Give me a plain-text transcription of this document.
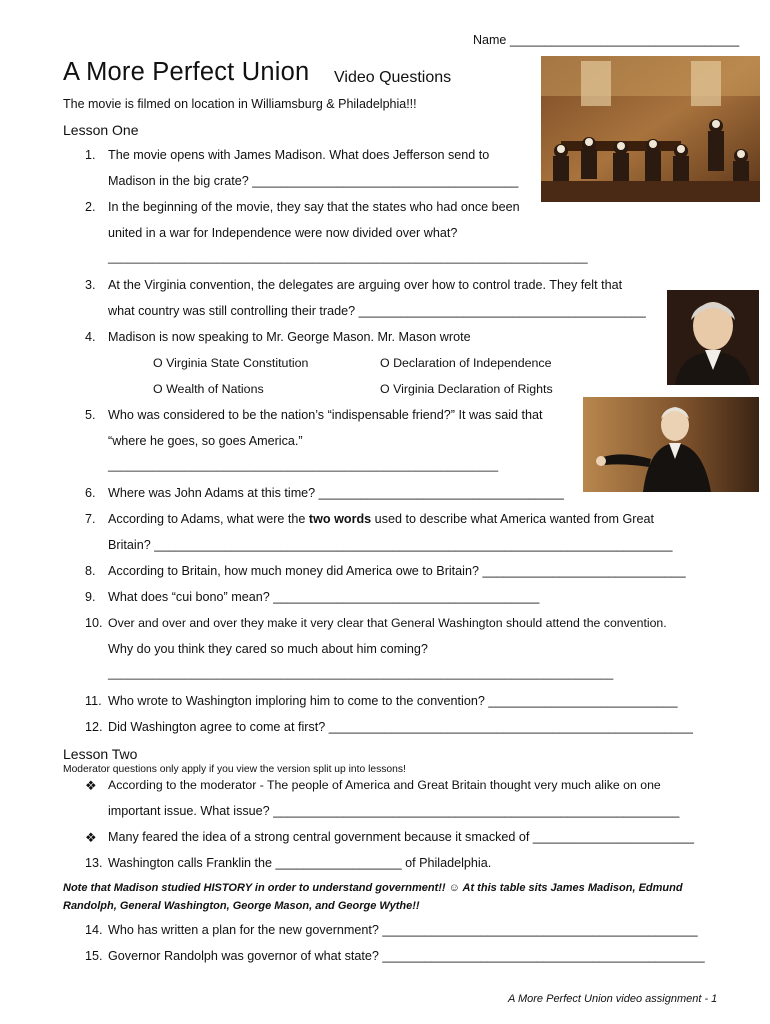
Name _________________________________
A More Perfect Union Video Questions
The movie is filmed on location in Williamsburg & Philadelphia!!!
Lesson One
1. The movie opens with James Madison. What does Jefferson send to
Madison in the big crate? ______________________________________
2. In the beginning of the movie, they say that the states who had once been
united in a war for Independence were now divided over what?
___________________________________________________________________________
3. At the Virginia convention, the delegates are arguing over how to control trade. They felt that
what country was still controlling their trade? _________________________________________
4. Madison is now speaking to Mr. George Mason. Mr. Mason wrote
O Virginia State Constitution	O Declaration of Independence
O Wealth of Nations	O Virginia Declaration of Rights
5. Who was considered to be the nation’s “indispensable friend?” It was said that
“where he goes, so goes America.”
_____________________________________________________________
6. Where was John Adams at this time? ___________________________________
7. According to Adams, what were the two words used to describe what America wanted from Great
Britain? __________________________________________________________________________
8. According to Britain, how much money did America owe to Britain? _____________________________
9. What does “cui bono” mean? ______________________________________
10. Over and over and over they make it very clear that General Washington should attend the convention.
Why do you think they cared so much about him coming?
_______________________________________________________________________________
11. Who wrote to Washington imploring him to come to the convention? ___________________________
12. Did Washington agree to come at first? ____________________________________________________
Lesson Two
Moderator questions only apply if you view the version split up into lessons!
❖ According to the moderator - The people of America and Great Britain thought very much alike on one
important issue. What issue? __________________________________________________________
❖ Many feared the idea of a strong central government because it smacked of _______________________
13. Washington calls Franklin the __________________ of Philadelphia.
Note that Madison studied HISTORY in order to understand government!! ☺ At this table sits James Madison, Edmund
Randolph, General Washington, George Mason, and George Wythe!!
14. Who has written a plan for the new government? _____________________________________________
15. Governor Randolph was governor of what state? ______________________________________________
A More Perfect Union video assignment - 1
